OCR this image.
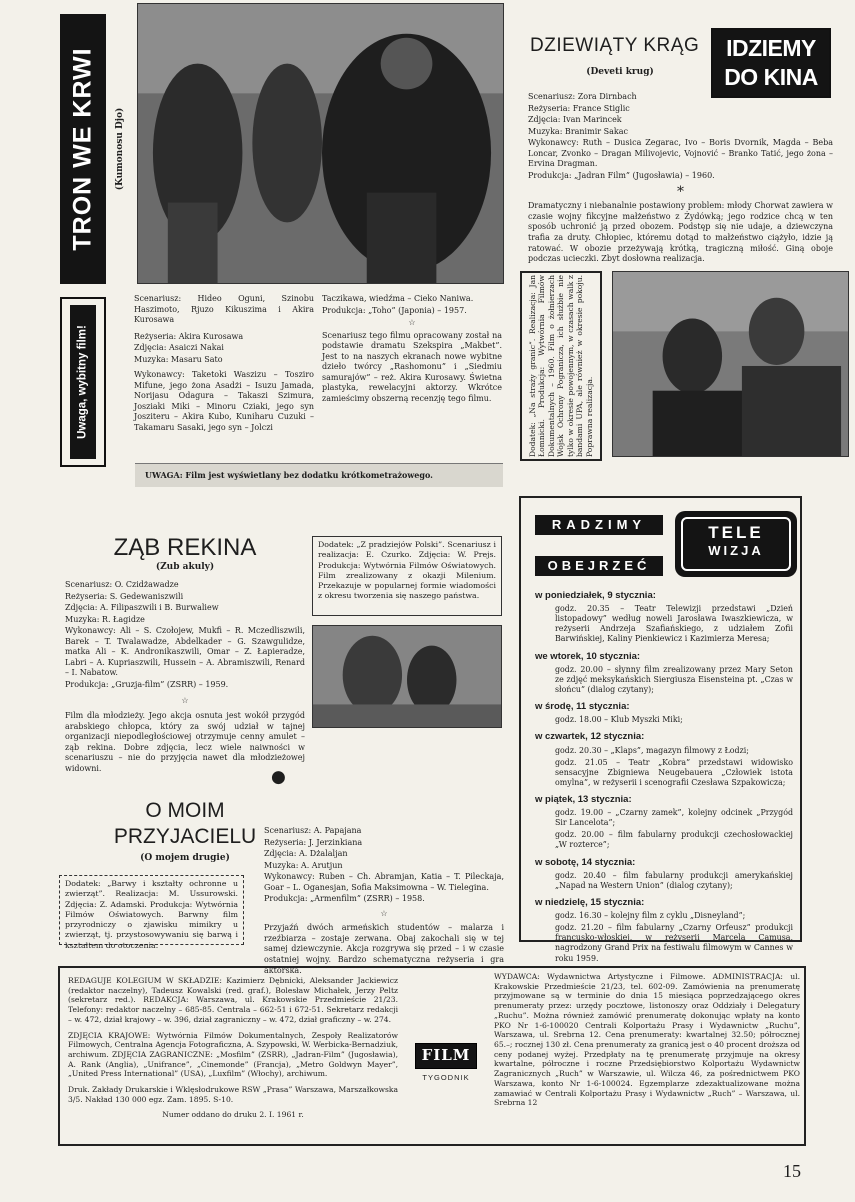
TRON WE KRWI	(Kumonosu Djo)
Uwaga, wybitny film!

Scenariusz: Hideo Oguni, Szinobu Haszimoto, Rjuzo Kikuszima i Akira Kurosawa

Reżyseria: Akira Kurosawa

Zdjęcia: Asaiczi Nakai

Muzyka: Masaru Sato

Wykonawcy: Taketoki Waszizu – Tosziro Mifune, jego żona Asadżi – Isuzu Jamada, Norijasu Odagura – Takaszi Szimura, Josziaki Miki – Minoru Cziaki, jego syn Josziteru – Akira Kubo, Kuniharu Cuzuki – Takamaru Sasaki, jego syn – Jolczi

Taczikawa, wiedźma – Cieko Naniwa.

Produkcja: „Toho” (Japonia) – 1957.

☆

Scenariusz tego filmu opracowany został na podstawie dramatu Szekspira „Makbet”. Jest to na naszych ekranach nowe wybitne dzieło twórcy „Rashomonu” i „Siedmiu samurajów” – reż. Akira Kurosawy. Świetna plastyka, rewelacyjni aktorzy. Wkrótce zamieścimy obszerną recenzję tego filmu.

UWAGA: Film jest wyświetlany bez dodatku krótkometrażowego.
DZIEWIĄTY KRĄG
(Deveti krug)
IDZIEMY
DO KINA

Scenariusz: Zora Dirnbach

Reżyseria: France Stiglic

Zdjęcia: Ivan Marincek

Muzyka: Branimir Sakac

Wykonawcy: Ruth – Dusica Zegarac, Ivo – Boris Dvornik, Magda – Beba Loncar, Zvonko – Dragan Milivojevic, Vojnović – Branko Tatić, jego żona – Ervina Dragman.

Produkcja: „Jadran Film” (Jugosławia) – 1960.

*

Dramatyczny i niebanalnie postawiony problem: młody Chorwat zawiera w czasie wojny fikcyjne małżeństwo z Żydówką; jego rodzice chcą w ten sposób uchronić ją przed obozem. Podstęp się nie udaje, a dziewczyna trafia za druty. Chłopiec, któremu dotąd to małżeństwo ciążyło, idzie ją ratować. W obozie przeżywają krótką, tragiczną miłość. Giną oboje podczas ucieczki. Zbyt dosłowna realizacja.

Dodatek: „Na straży granic”. Realizacja: Jan Łomnicki. Produkcja: Wytwórnia Filmów Dokumentalnych – 1960. Film o żołnierzach Wojsk Ochrony Pogranicza, ich służbie nie tylko w okresie powojennym, w czasach walk z bandami UPA, ale również w okresie pokoju. Poprawna realizacja.
ZĄB REKINA
(Zub akuly)

Scenariusz: O. Czidżawadze

Reżyseria: S. Gedewaniszwili

Zdjęcia: A. Filipaszwili i B. Burwaliew

Muzyka: R. Łagidze

Wykonawcy: Ali – S. Czołojew, Mukfi – R. Mczedliszwili, Barek – T. Twalawadze, Abdelkader – G. Szawgulidze, matka Ali – K. Andronikaszwili, Omar – Z. Łapieradze, Labri – A. Kupriaszwili, Hussein – A. Abramiszwili, Renard – I. Nabatow.

Produkcja: „Gruzja-film” (ZSRR) – 1959.

☆

Film dla młodzieży. Jego akcja osnuta jest wokół przygód arabskiego chłopca, który za swój udział w tajnej organizacji niepodległościowej otrzymuje cenny amulet – ząb rekina. Dobre zdjęcia, lecz wiele naiwności w scenariuszu – nie do przyjęcia nawet dla młodzieżowej widowni.

Dodatek: „Z pradziejów Polski”. Scenariusz i realizacja: E. Czurko. Zdjęcia: W. Prejs. Produkcja: Wytwórnia Filmów Oświatowych. Film zrealizowany z okazji Milenium. Przekazuje w popularnej formie wiadomości z okresu tworzenia się naszego państwa.
●
O MOIM
PRZYJACIELU
(O mojem drugie)
Dodatek: „Barwy i kształty ochronne u zwierząt”. Realizacja: M. Ussurowski. Zdjęcia: Z. Adamski. Produkcja: Wytwórnia Filmów Oświatowych. Barwny film przyrodniczy o zjawisku mimikry u zwierząt, tj. przystosowywaniu się barwą i kształtem do otoczenia.

Scenariusz: A. Papajana

Reżyseria: J. Jerzinkiana

Zdjęcia: A. Dżalaljan

Muzyka: A. Arutjun

Wykonawcy: Ruben – Ch. Abramjan, Katia – T. Pileckaja, Goar – L. Oganesjan, Sofia Maksimowna – W. Tielegina.

Produkcja: „Armenfilm” (ZSRR) – 1958.

☆

Przyjaźń dwóch armeńskich studentów – malarza i rzeźbiarza – zostaje zerwana. Obaj zakochali się w tej samej dziewczynie. Akcja rozgrywa się przed – i w czasie ostatniej wojny. Bardzo schematyczna reżyseria i gra aktorska.

RADZIMY
OBEJRZEĆ
TELE
WIZJA
w poniedziałek, 9 stycznia:
godz. 20.35 – Teatr Telewizji przedstawi „Dzień listopadowy” według noweli Jarosława Iwaszkiewicza, w reżyserii Andrzeja Szafiańskiego, z udziałem Zofii Barwińskiej, Kaliny Pienkiewicz i Kazimierza Meresa;
we wtorek, 10 stycznia:
godz. 20.00 – słynny film zrealizowany przez Mary Seton ze zdjęć meksykańskich Siergiusza Eisensteina pt. „Czas w słońcu” (dialog czytany);
w środę, 11 stycznia:
godz. 18.00 – Klub Myszki Miki;
w czwartek, 12 stycznia:
godz. 20.30 – „Klaps”, magazyn filmowy z Łodzi;
godz. 21.05 – Teatr „Kobra” przedstawi widowisko sensacyjne Zbigniewa Neugebauera „Człowiek istota omylna”, w reżyserii i scenografii Czesława Szpakowicza;
w piątek, 13 stycznia:
godz. 19.00 – „Czarny zamek”, kolejny odcinek „Przygód Sir Lancelota”;
godz. 20.00 – film fabularny produkcji czechosłowackiej „W rozterce”;
w sobotę, 14 stycznia:
godz. 20.40 – film fabularny produkcji amerykańskiej „Napad na Western Union” (dialog czytany);
w niedzielę, 15 stycznia:
godz. 16.30 – kolejny film z cyklu „Disneyland”;
godz. 21.20 – film fabularny „Czarny Orfeusz” produkcji francusko-włoskiej, w reżyserii Marcela Camusa, nagrodzony Grand Prix na festiwalu filmowym w Cannes w roku 1959.

REDAGUJE KOLEGIUM W SKŁADZIE: Kazimierz Dębnicki, Aleksander Jackiewicz (redaktor naczelny), Tadeusz Kowalski (red. graf.), Bolesław Michałek, Jerzy Peltz (sekretarz red.). REDAKCJA: Warszawa, ul. Krakowskie Przedmieście 21/23. Telefony: redaktor naczelny – 685-85. Centrala – 662-51 i 672-51. Sekretarz redakcji – w. 472, dział krajowy – w. 396, dział zagraniczny – w. 472, dział graficzny – w. 274.

ZDJĘCIA KRAJOWE: Wytwórnia Filmów Dokumentalnych, Zespoły Realizatorów Filmowych, Centralna Agencja Fotograficzna, A. Szypowski, W. Werbicka-Bernadziuk, archiwum. ZDJĘCIA ZAGRANICZNE: „Mosfilm” (ZSRR), „Jadran-Film” (Jugosławia), A. Rank (Anglia), „Unifrance”, „Cinemonde” (Francja), „Metro Goldwyn Mayer”, „United Press International” (USA), „Luxfilm” (Włochy), archiwum.

Druk. Zakłady Drukarskie i Wklęsłodrukowe RSW „Prasa” Warszawa, Marszałkowska 3/5. Nakład 130 000 egz. Zam. 1895. S-10.

Numer oddano do druku 2. I. 1961 r.

FILM
TYGODNIK
WYDAWCA: Wydawnictwa Artystyczne i Filmowe. ADMINISTRACJA: ul. Krakowskie Przedmieście 21/23, tel. 602-09. Zamówienia na prenumeratę przyjmowane są w terminie do dnia 15 miesiąca poprzedzającego okres prenumeraty przez: urzędy pocztowe, listonoszy oraz Oddziały i Delegatury „Ruchu”. Można również zamówić prenumeratę dokonując wpłaty na konto PKO Nr 1-6-100020 Centrali Kolportażu Prasy i Wydawnictw „Ruchu”, Warszawa, ul. Srebrna 12. Cena prenumeraty: kwartalnej 32.50; półrocznej 65.–; rocznej 130 zł. Cena prenumeraty za granicą jest o 40 procent droższa od ceny podanej wyżej. Przedpłaty na tę prenumeratę przyjmuje na okresy kwartalne, półroczne i roczne Przedsiębiorstwo Kolportażu Wydawnictw Zagranicznych „Ruch” w Warszawie, ul. Wilcza 46, za pośrednictwem PKO Warszawa, konto Nr 1-6-100024. Egzemplarze zdezaktualizowane można zamawiać w Centrali Kolportażu Prasy i Wydawnictw „Ruch” – Warszawa, ul. Srebrna 12
15
